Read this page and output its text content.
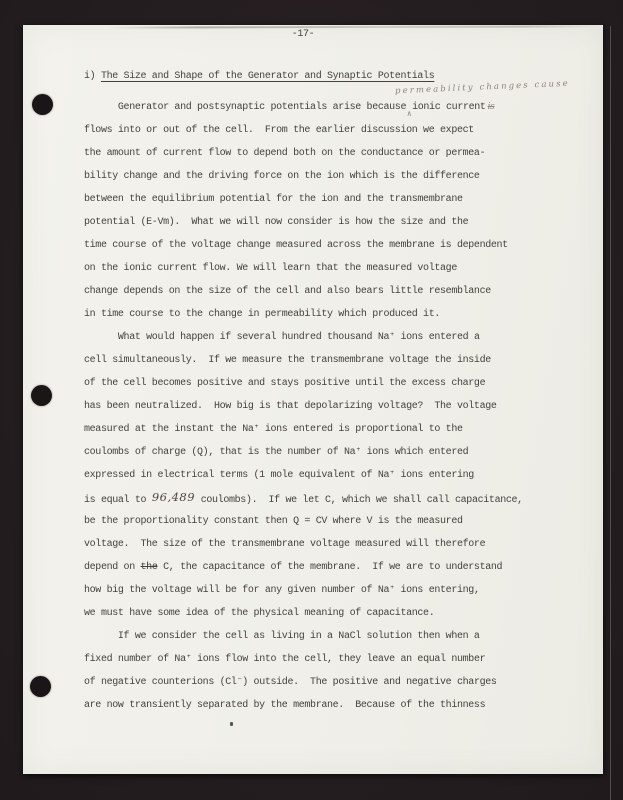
-17-
i) The Size and Shape of the Generator and Synaptic Potentials
permeability changes cause
Generator and postsynaptic potentials arise because∧ionic current is
flows into or out of the cell.  From the earlier discussion we expect
the amount of current flow to depend both on the conductance or permea-
bility change and the driving force on the ion which is the difference
between the equilibrium potential for the ion and the transmembrane
potential (E-Vm).  What we will now consider is how the size and the
time course of the voltage change measured across the membrane is dependent
on the ionic current flow. We will learn that the measured voltage
change depends on the size of the cell and also bears little resemblance
in time course to the change in permeability which produced it.
What would happen if several hundred thousand Na⁺ ions entered a
cell simultaneously.  If we measure the transmembrane voltage the inside
of the cell becomes positive and stays positive until the excess charge
has been neutralized.  How big is that depolarizing voltage?  The voltage
measured at the instant the Na⁺ ions entered is proportional to the
coulombs of charge (Q), that is the number of Na⁺ ions which entered
expressed in electrical terms (1 mole equivalent of Na⁺ ions entering
is equal to 96,489 coulombs).  If we let C, which we shall call capacitance,
be the proportionality constant then Q = CV where V is the measured
voltage.  The size of the transmembrane voltage measured will therefore
depend on the C, the capacitance of the membrane.  If we are to understand
how big the voltage will be for any given number of Na⁺ ions entering,
we must have some idea of the physical meaning of capacitance.
If we consider the cell as living in a NaCl solution then when a
fixed number of Na⁺ ions flow into the cell, they leave an equal number
of negative counterions (Cl⁻) outside.  The positive and negative charges
are now transiently separated by the membrane.  Because of the thinness
